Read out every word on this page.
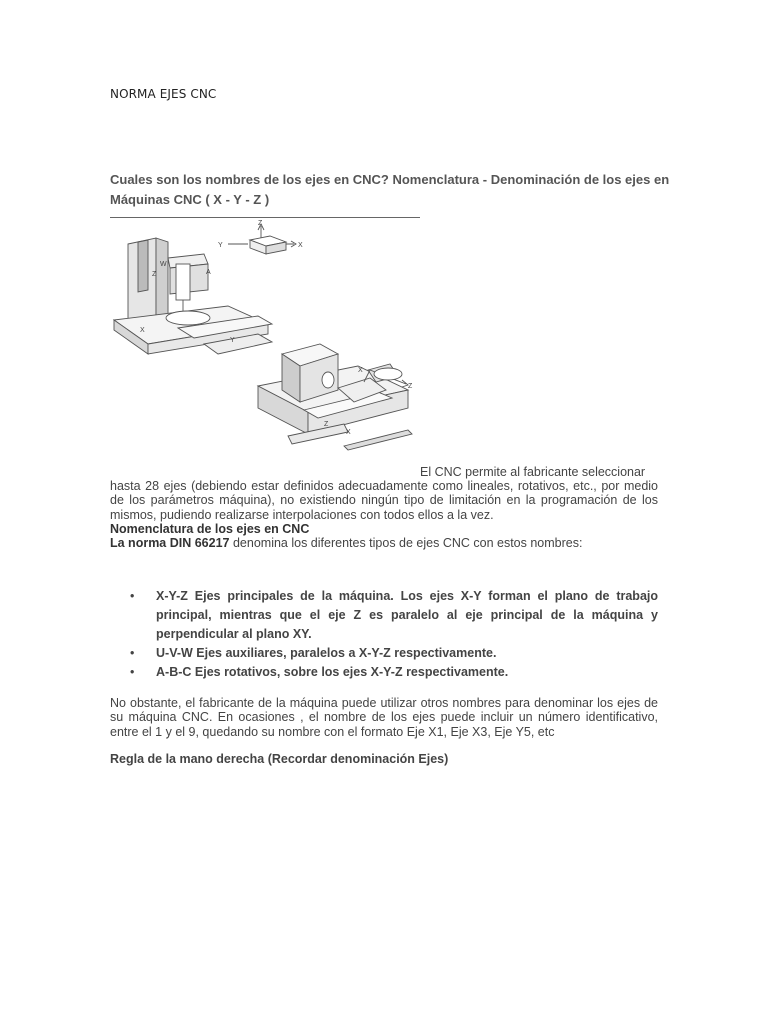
NORMA EJES CNC
Cuales son los nombres de los ejes en CNC? Nomenclatura - Denominación de los ejes en Máquinas CNC ( X - Y - Z )
Z
Y	X
W
A
Z
X
Y
X
Z
Z
X
El CNC permite al fabricante seleccionar
hasta 28 ejes (debiendo estar definidos adecuadamente como lineales, rotativos, etc., por medio de los parámetros máquina), no existiendo ningún tipo de limitación en la programación de los mismos, pudiendo realizarse interpolaciones con todos ellos a la vez.
Nomenclatura de los ejes en CNC
La norma DIN 66217 denomina los diferentes tipos de ejes CNC con estos nombres:
• X-Y-Z Ejes principales de la máquina. Los ejes X-Y forman el plano de trabajo principal, mientras que el eje Z es paralelo al eje principal de la máquina y perpendicular al plano XY.
• U-V-W Ejes auxiliares, paralelos a X-Y-Z respectivamente.
• A-B-C Ejes rotativos, sobre los ejes X-Y-Z respectivamente.
No obstante, el fabricante de la máquina puede utilizar otros nombres para denominar los ejes de su máquina CNC. En ocasiones , el nombre de los ejes puede incluir un número identificativo, entre el 1 y el 9, quedando su nombre con el formato Eje X1, Eje X3, Eje Y5, etc
Regla de la mano derecha (Recordar denominación Ejes)
